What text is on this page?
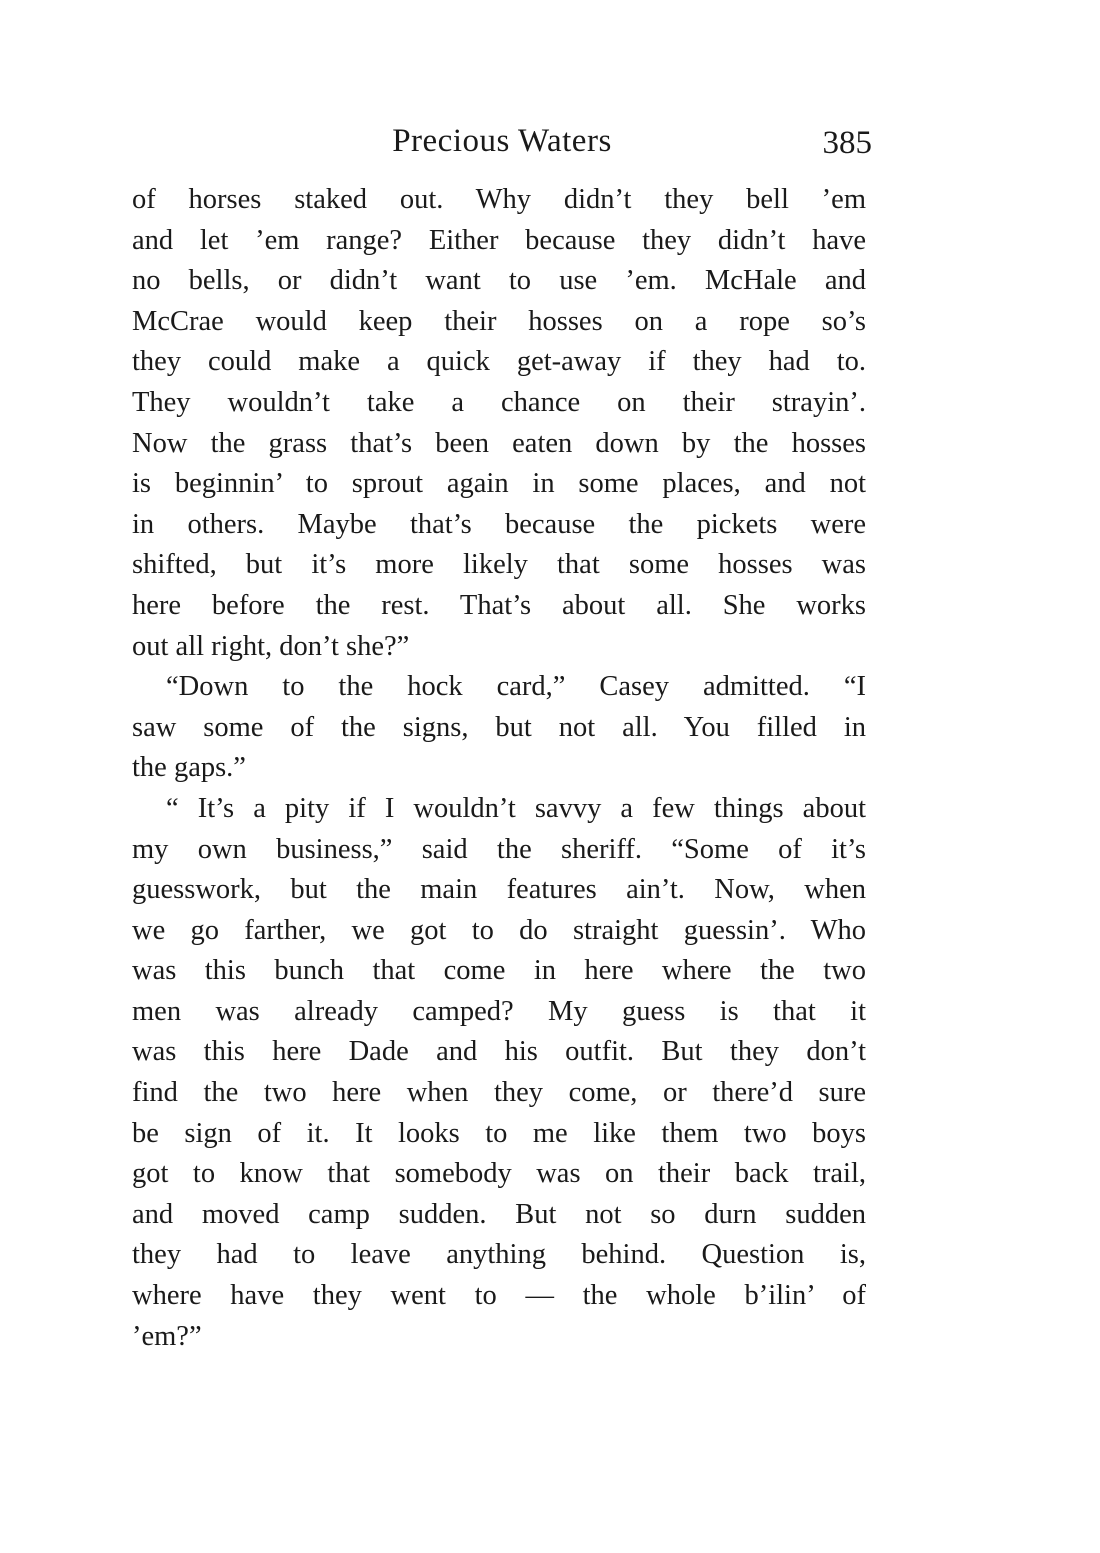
Precious Waters	385
of horses staked out. Why didn’t they bell ’em
and let ’em range? Either because they didn’t have
no bells, or didn’t want to use ’em. McHale and
McCrae would keep their hosses on a rope so’s
they could make a quick get-away if they had to.
They wouldn’t take a chance on their strayin’.
Now the grass that’s been eaten down by the hosses
is beginnin’ to sprout again in some places, and not
in others. Maybe that’s because the pickets were
shifted, but it’s more likely that some hosses was
here before the rest. That’s about all. She works
out all right, don’t she?”
“Down to the hock card,” Casey admitted. “I
saw some of the signs, but not all. You filled in
the gaps.”
“ It’s a pity if I wouldn’t savvy a few things about
my own business,” said the sheriff. “Some of it’s
guesswork, but the main features ain’t. Now, when
we go farther, we got to do straight guessin’. Who
was this bunch that come in here where the two
men was already camped? My guess is that it
was this here Dade and his outfit. But they don’t
find the two here when they come, or there’d sure
be sign of it. It looks to me like them two boys
got to know that somebody was on their back trail,
and moved camp sudden. But not so durn sudden
they had to leave anything behind. Question is,
where have they went to — the whole b’ilin’ of
’em?”
